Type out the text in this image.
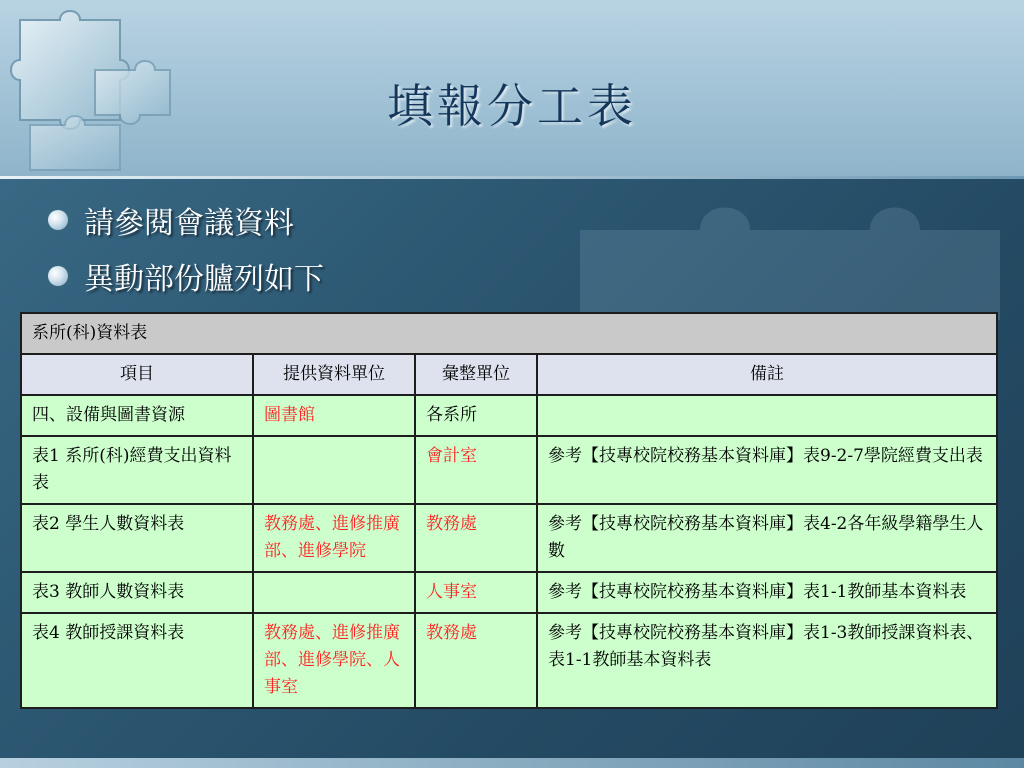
填報分工表
請參閱會議資料
異動部份臚列如下
系所(科)資料表			
項目	提供資料單位	彙整單位	備註
四、設備與圖書資源	圖書館	各系所	
表1 系所(科)經費支出資料表		會計室	參考【技專校院校務基本資料庫】表9-2-7學院經費支出表
表2 學生人數資料表	教務處、進修推廣部、進修學院	教務處	參考【技專校院校務基本資料庫】表4-2各年級學籍學生人數
表3 教師人數資料表		人事室	參考【技專校院校務基本資料庫】表1-1教師基本資料表
表4 教師授課資料表	教務處、進修推廣部、進修學院、人事室	教務處	參考【技專校院校務基本資料庫】表1-3教師授課資料表、表1-1教師基本資料表
